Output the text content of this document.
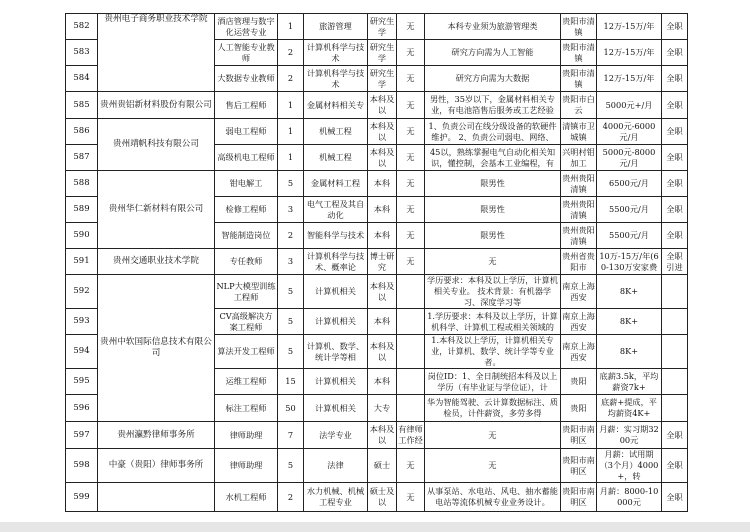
582	贵州电子商务职业技术学院	酒店管理与数字化运营专业	1	旅游管理	研究生学	无	本科专业须为旅游管理类	贵阳市清镇	12万-15万/年	全职
583		人工智能专业教师	2	计算机科学与技术	研究生学	无	研究方向需为人工智能	贵阳市清镇	12万-15万/年	全职
584		大数据专业教师	2	计算机科学与技术	研究生学	无	研究方向需为大数据	贵阳市清镇	12万-15万/年	全职
585	贵州贵铝新材料股份有限公司	售后工程师	1	金属材料相关专	本科及以	无	男性，35岁以下，金属材料相关专业，有电池箔售后服务或工艺经验	贵阳市白云	5000元+/月	全职
586	贵州靖帆科技有限公司	弱电工程师	1	机械工程	本科及以	无	1、负责公司在线分级设备的软硬件维护。 2、负责公司弱电、网络、	清镇市卫城镇	4000元-6000元/月	全职
587		高级机电工程师	1	机械工程	本科及以	无	45以，熟练掌握电气自动化相关知识，懂控制，会基本工业编程，有	兴明村钼加工	5000元-8000元/月	全职
588	贵州华仁新材料有限公司	钳电解工	5	金属材料工程	本科	无	限男性	贵州贵阳清镇	6500元/月	全职
589		检修工程师	3	电气工程及其自动化	本科	无	限男性	贵州贵阳清镇	5500元/月	全职
590		智能制造岗位	2	智能科学与技术	本科	无	限男性	贵州贵阳清镇	5500元/月	全职
591	贵州交通职业技术学院	专任教师	3	计算机科学与技术、概率论	博士研究	无	无	贵州省贵阳市	10万-15万/年(60-130万安家费	全职引进
592	贵州中软国际信息技术有限公司	NLP大模型训练工程师	5	计算机相关	本科及以		学历要求：本科及以上学历，计算机相关专业。 技术背景：有机器学习、深度学习等	南京上海西安	8K+	
593		CV高级解决方案工程师	5	计算机相关	本科		1.学历要求：本科及以上学历，计算机科学、计算机工程或相关领域的	南京上海西安	8K+	
594		算法开发工程师	5	计算机、数学、统计学等相	本科及以		1.本科及以上学历，计算机相关专业，计算机、数学、统计学等专业者。	南京上海西安	8K+	
595		运维工程师	15	计算机相关	本科		岗位ID：1、全日制统招本科及以上学历（有毕业证与学位证），计	贵阳	底薪3.5k，平均薪资7k+	
596		标注工程师	50	计算机相关	大专		华为智能驾驶、云计算数据标注、质检员，计件薪资，多劳多得	贵阳	底薪+提成，平均薪资4K+	
597	贵州瀛黔律师事务所	律师助理	7	法学专业	本科及以	有律师工作经	无	贵阳市南明区	月薪：实习期3200元	全职
598	中豪（贵阳）律师事务所	律师助理	5	法律	硕士	无	无	贵阳市南明区	月薪：试用期（3个月）4000+，转	全职
599		水机工程师	2	水力机械、机械工程专业	硕士及以	无	从事泵站、水电站、风电、抽水蓄能电站等流体机械专业业务设计。	贵阳市南明区	月薪：8000-10000元	全职
